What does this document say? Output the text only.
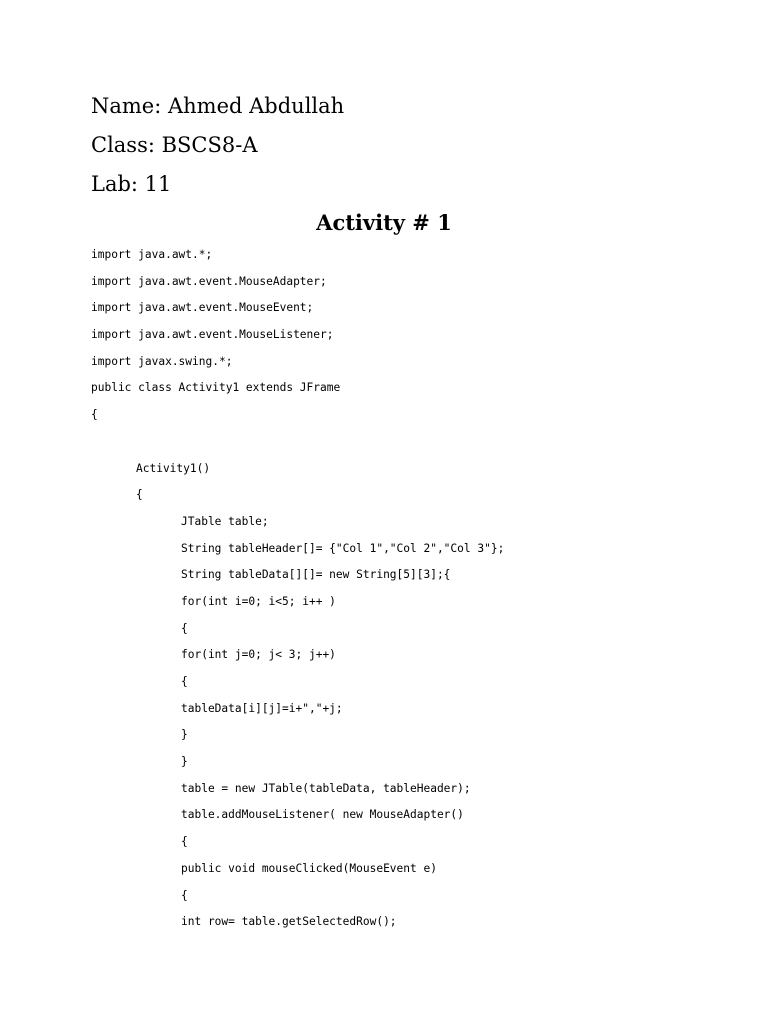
Name: Ahmed Abdullah
Class: BSCS8-A
Lab: 11
Activity # 1
import java.awt.*;
import java.awt.event.MouseAdapter;
import java.awt.event.MouseEvent;
import java.awt.event.MouseListener;
import javax.swing.*;
public class Activity1 extends JFrame
{
Activity1()
{
JTable table;
String tableHeader[]= {"Col 1","Col 2","Col 3"};
String tableData[][]= new String[5][3];{
for(int i=0; i<5; i++ )
{
for(int j=0; j< 3; j++)
{
tableData[i][j]=i+","+j;
}
}
table = new JTable(tableData, tableHeader);
table.addMouseListener( new MouseAdapter()
{
public void mouseClicked(MouseEvent e)
{
int row= table.getSelectedRow();
